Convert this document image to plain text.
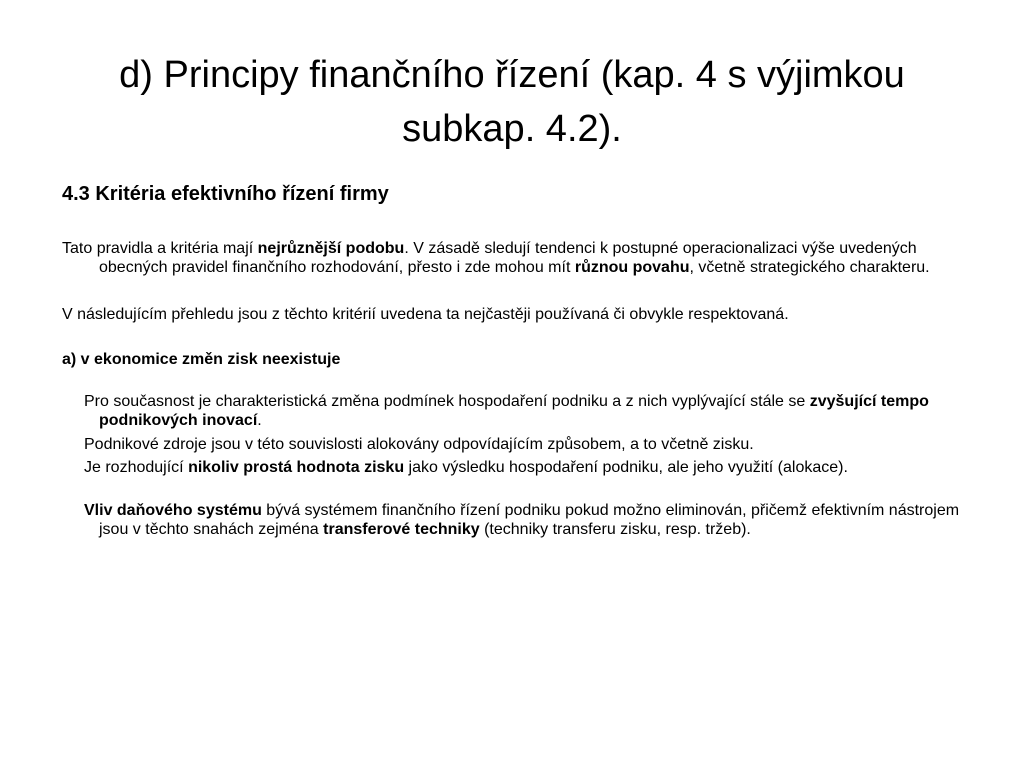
d) Principy finančního řízení (kap. 4 s výjimkou
subkap. 4.2).

4.3 Kritéria efektivního řízení firmy

Tato pravidla a kritéria mají nejrůznější podobu. V zásadě sledují tendenci k postupné operacionalizaci výše uvedených obecných pravidel finančního rozhodování, přesto i zde mohou mít různou povahu, včetně strategického charakteru.

V následujícím přehledu jsou z těchto kritérií uvedena ta nejčastěji používaná či obvykle respektovaná.

a) v ekonomice změn zisk neexistuje

Pro současnost je charakteristická změna podmínek hospodaření podniku a z nich vyplývající stále se zvyšující tempo podnikových inovací.

Podnikové zdroje jsou v této souvislosti alokovány odpovídajícím způsobem, a to včetně zisku.

Je rozhodující nikoliv prostá hodnota zisku jako výsledku hospodaření podniku, ale jeho využití (alokace).

Vliv daňového systému bývá systémem finančního řízení podniku pokud možno eliminován, přičemž efektivním nástrojem jsou v těchto snahách zejména transferové techniky (techniky transferu zisku, resp. tržeb).
